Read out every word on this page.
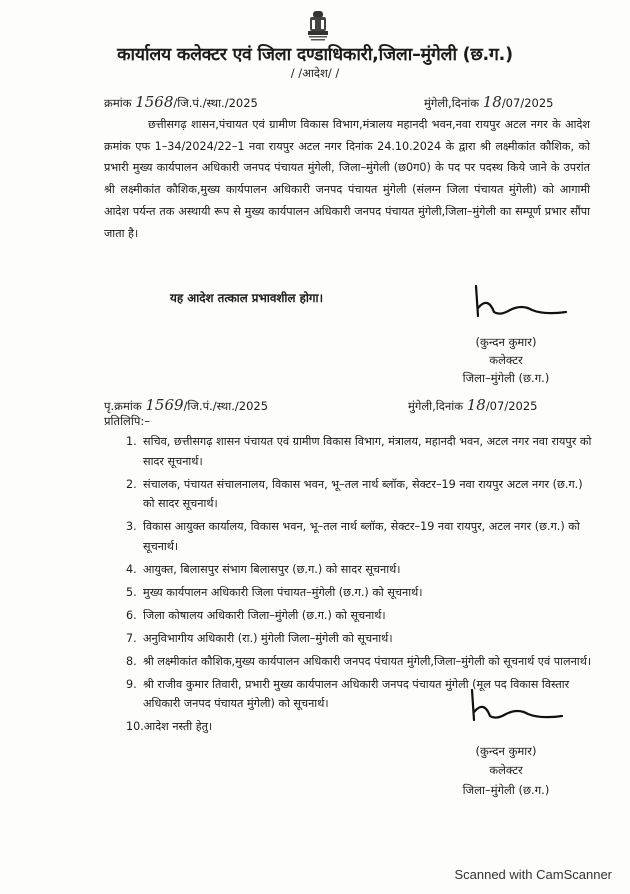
कार्यालय कलेक्टर एवं जिला दण्डाधिकारी,जिला–मुंगेली (छ.ग.)
/ /आदेश/ /
क्रमांक 1568/जि.पं./स्था./2025	मुंगेली,दिनांक 18/07/2025

छत्तीसगढ़ शासन,पंचायत एवं ग्रामीण विकास विभाग,मंत्रालय महानदी भवन,नवा रायपुर अटल नगर के आदेश क्रमांक एफ 1–34/2024/22–1 नवा रायपुर अटल नगर दिनांक 24.10.2024 के द्वारा श्री लक्ष्मीकांत कौशिक, को प्रभारी मुख्य कार्यपालन अधिकारी जनपद पंचायत मुंगेली, जिला–मुंगेली (छ0ग0) के पद पर पदस्थ किये जाने के उपरांत श्री लक्ष्मीकांत कौशिक,मुख्य कार्यपालन अधिकारी जनपद पंचायत मुंगेली (संलग्न जिला पंचायत मुंगेली) को आगामी आदेश पर्यन्त तक अस्थायी रूप से मुख्य कार्यपालन अधिकारी जनपद पंचायत मुंगेली,जिला–मुंगेली का सम्पूर्ण प्रभार सौंपा जाता है।

यह आदेश तत्काल प्रभावशील होगा।
(कुन्दन कुमार)
कलेक्टर
जिला–मुंगेली (छ.ग.)
पृ.क्रमांक 1569/जि.पं./स्था./2025	मुंगेली,दिनांक 18/07/2025
प्रतिलिपि:–
1. सचिव, छत्तीसगढ़ शासन पंचायत एवं ग्रामीण विकास विभाग, मंत्रालय, महानदी भवन, अटल नगर नवा रायपुर को सादर सूचनार्थ।
2. संचालक, पंचायत संचालनालय, विकास भवन, भू–तल नार्थ ब्लॉक, सेक्टर–19 नवा रायपुर अटल नगर (छ.ग.) को सादर सूचनार्थ।
3. विकास आयुक्त कार्यालय, विकास भवन, भू–तल नार्थ ब्लॉक, सेक्टर–19 नवा रायपुर, अटल नगर (छ.ग.) को सूचनार्थ।
4. आयुक्त, बिलासपुर संभाग बिलासपुर (छ.ग.) को सादर सूचनार्थ।
5. मुख्य कार्यपालन अधिकारी जिला पंचायत–मुंगेली (छ.ग.) को सूचनार्थ।
6. जिला कोषालय अधिकारी जिला–मुंगेली (छ.ग.) को सूचनार्थ।
7. अनुविभागीय अधिकारी (रा.) मुंगेली जिला–मुंगेली को सूचनार्थ।
8. श्री लक्ष्मीकांत कौशिक,मुख्य कार्यपालन अधिकारी जनपद पंचायत मुंगेली,जिला–मुंगेली को सूचनार्थ एवं पालनार्थ।
9. श्री राजीव कुमार तिवारी, प्रभारी मुख्य कार्यपालन अधिकारी जनपद पंचायत मुंगेली (मूल पद विकास विस्तार अधिकारी जनपद पंचायत मुंगेली) को सूचनार्थ।
10.आदेश नस्ती हेतु।
(कुन्दन कुमार)
कलेक्टर
जिला–मुंगेली (छ.ग.)
Scanned with CamScanner
